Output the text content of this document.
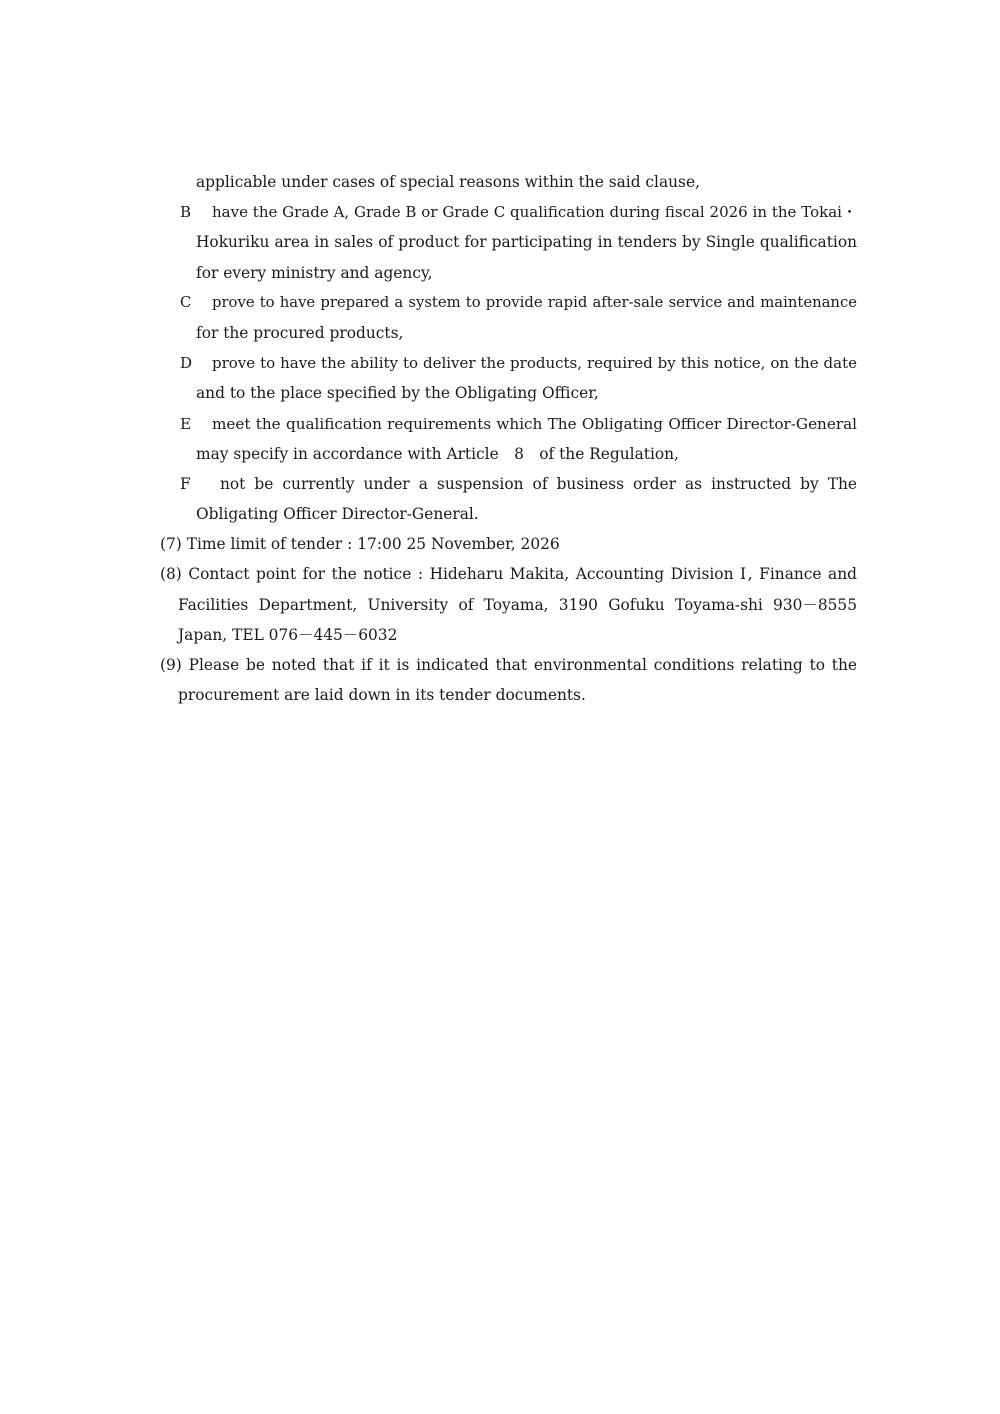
applicable under cases of special reasons within the said clause,
B have the Grade A, Grade B or Grade C qualification during fiscal 2026 in the Tokai・
Hokuriku area in sales of product for participating in tenders by Single qualification
for every ministry and agency,
C prove to have prepared a system to provide rapid after-sale service and maintenance
for the procured products,
D prove to have the ability to deliver the products, required by this notice, on the date
and to the place specified by the Obligating Officer,
E meet the qualification requirements which The Obligating Officer Director-General
may specify in accordance with Article　8　of the Regulation,
F not be currently under a suspension of business order as instructed by The
Obligating Officer Director-General.
(7) Time limit of tender : 17:00 25 November, 2026
(8) Contact point for the notice : Hideharu Makita, Accounting Division Ⅰ, Finance and
Facilities Department, University of Toyama, 3190 Gofuku Toyama-shi 930－8555
Japan, TEL 076－445－6032
(9) Please be noted that if it is indicated that environmental conditions relating to the
procurement are laid down in its tender documents.
